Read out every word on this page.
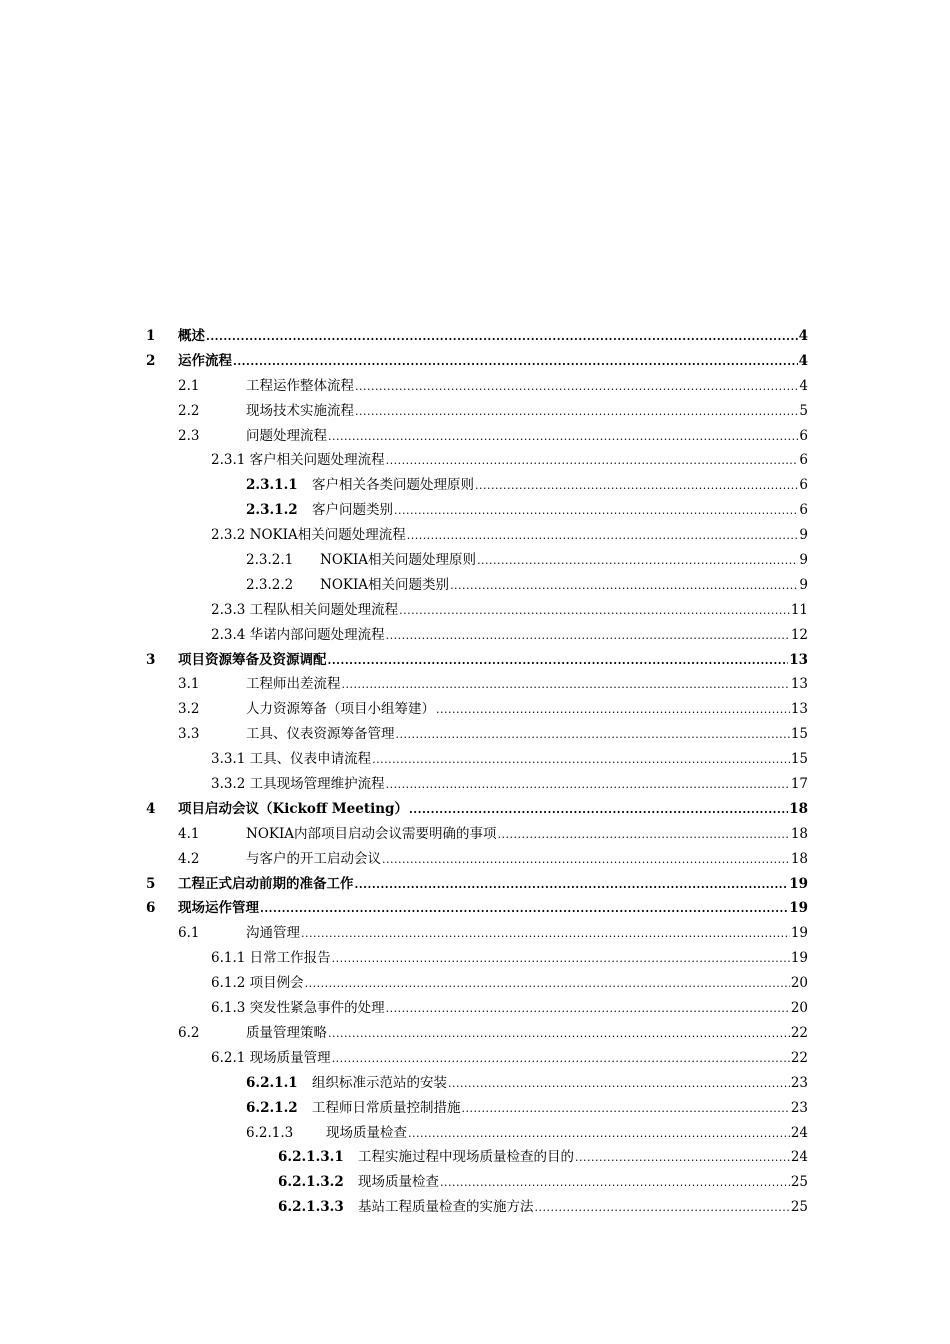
1 概述 .....	4
2 运作流程 .....	4
2.1	工程运作整体流程 .....	4
2.2	现场技术实施流程 .....	5
2.3	问题处理流程 .....	6
2.3.1 客户相关问题处理流程 .....	6
2.3.1.1 客户相关各类问题处理原则 .....	6
2.3.1.2 客户问题类别 .....	6
2.3.2 NOKIA相关问题处理流程 .....	9
2.3.2.1 NOKIA相关问题处理原则 .....	9
2.3.2.2 NOKIA相关问题类别 .....	9
2.3.3 工程队相关问题处理流程 .....	11
2.3.4 华诺内部问题处理流程 .....	12
3 项目资源筹备及资源调配 .....	13
3.1	工程师出差流程 .....	13
3.2	人力资源筹备（项目小组筹建） .....	13
3.3	工具、仪表资源筹备管理 .....	15
3.3.1 工具、仪表申请流程 .....	15
3.3.2 工具现场管理维护流程 .....	17
4 项目启动会议（Kickoff Meeting） .....	18
4.1	NOKIA内部项目启动会议需要明确的事项 .....	18
4.2	与客户的开工启动会议 .....	18
5 工程正式启动前期的准备工作 .....	19
6 现场运作管理 .....	19
6.1	沟通管理 .....	19
6.1.1 日常工作报告 .....	19
6.1.2 项目例会 .....	20
6.1.3 突发性紧急事件的处理 .....	20
6.2	质量管理策略 .....	22
6.2.1 现场质量管理 .....	22
6.2.1.1 组织标准示范站的安装 .....	23
6.2.1.2 工程师日常质量控制措施 .....	23
6.2.1.3 现场质量检查 .....	24
6.2.1.3.1 工程实施过程中现场质量检查的目的 .....	24
6.2.1.3.2 现场质量检查 .....	25
6.2.1.3.3 基站工程质量检查的实施方法 .....	25
